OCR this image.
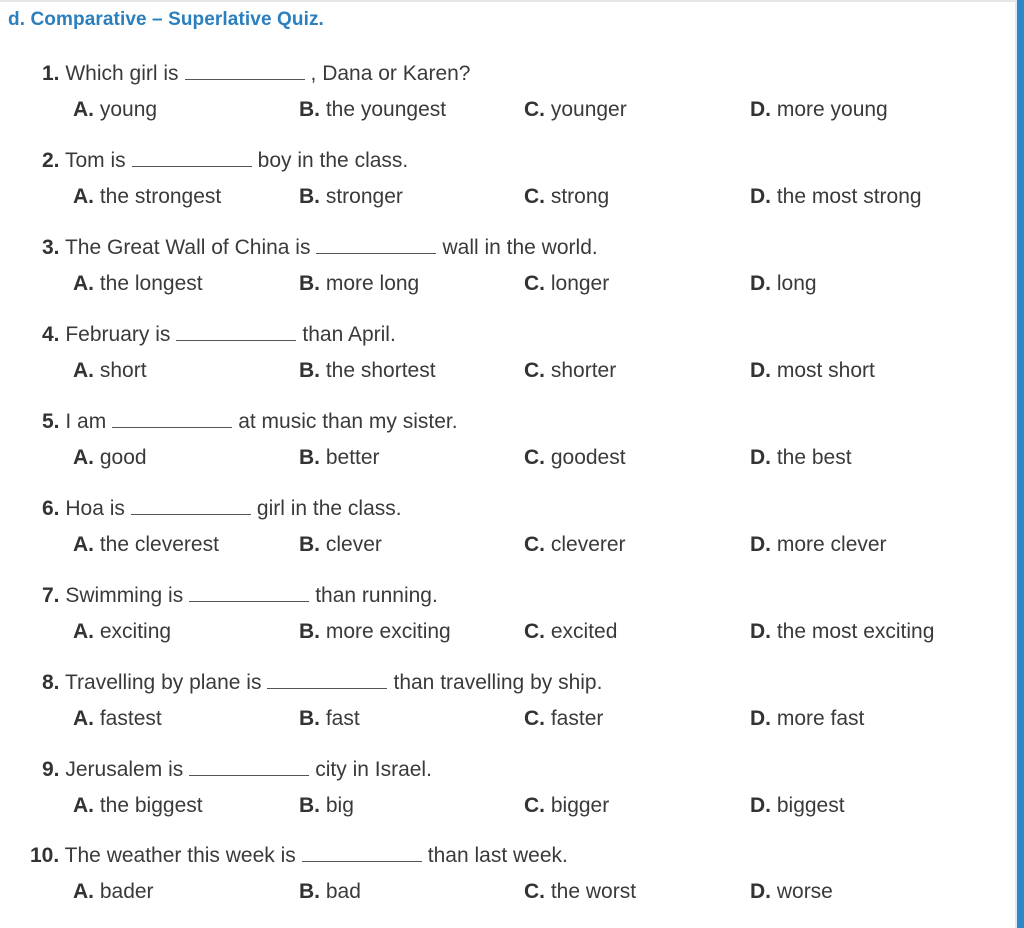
d. Comparative – Superlative Quiz.
1. Which girl is	, Dana or Karen?
A. young	B. the youngest	C. younger	D. more young
2. Tom is	boy in the class.
A. the strongest	B. stronger	C. strong	D. the most strong
3. The Great Wall of China is	wall in the world.
A. the longest	B. more long	C. longer	D. long
4. February is	than April.
A. short	B. the shortest	C. shorter	D. most short
5. I am	at music than my sister.
A. good	B. better	C. goodest	D. the best
6. Hoa is	girl in the class.
A. the cleverest	B. clever	C. cleverer	D. more clever
7. Swimming is	than running.
A. exciting	B. more exciting	C. excited	D. the most exciting
8. Travelling by plane is	than travelling by ship.
A. fastest	B. fast	C. faster	D. more fast
9. Jerusalem is	city in Israel.
A. the biggest	B. big	C. bigger	D. biggest
10. The weather this week is	than last week.
A. bader	B. bad	C. the worst	D. worse
